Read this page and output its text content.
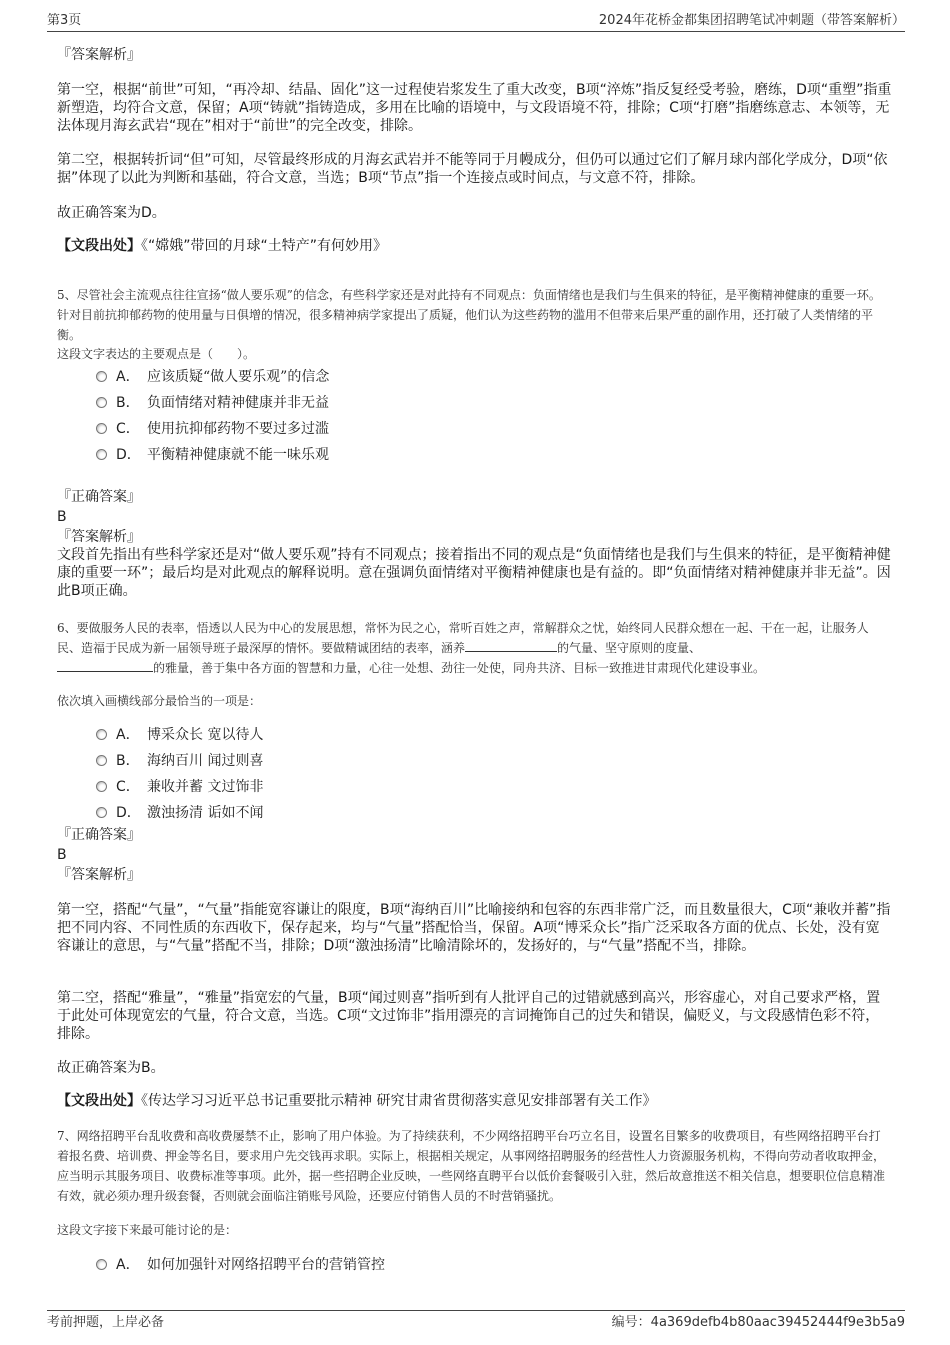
第3页	2024年花桥金都集团招聘笔试冲刺题（带答案解析）

『答案解析』

第一空，根据“前世”可知，“再冷却、结晶、固化”这一过程使岩浆发生了重大改变，B项“淬炼”指反复经受考验，磨练，D项“重塑”指重新塑造，均符合文意，保留；A项“铸就”指铸造成，多用在比喻的语境中，与文段语境不符，排除；C项“打磨”指磨练意志、本领等，无法体现月海玄武岩“现在”相对于“前世”的完全改变，排除。

第二空，根据转折词“但”可知，尽管最终形成的月海玄武岩并不能等同于月幔成分，但仍可以通过它们了解月球内部化学成分，D项“依据”体现了以此为判断和基础，符合文意，当选；B项“节点”指一个连接点或时间点，与文意不符，排除。

故正确答案为D。

【文段出处】《“嫦娥”带回的月球“土特产”有何妙用》

5、尽管社会主流观点往往宣扬“做人要乐观”的信念，有些科学家还是对此持有不同观点：负面情绪也是我们与生俱来的特征，是平衡精神健康的重要一环。针对目前抗抑郁药物的使用量与日俱增的情况，很多精神病学家提出了质疑，他们认为这些药物的滥用不但带来后果严重的副作用，还打破了人类情绪的平衡。

这段文字表达的主要观点是（　　）。

A． 应该质疑“做人要乐观”的信念
B． 负面情绪对精神健康并非无益
C． 使用抗抑郁药物不要过多过滥
D． 平衡精神健康就不能一味乐观

『正确答案』

B

『答案解析』

文段首先指出有些科学家还是对“做人要乐观”持有不同观点；接着指出不同的观点是“负面情绪也是我们与生俱来的特征，是平衡精神健康的重要一环”；最后均是对此观点的解释说明。意在强调负面情绪对平衡精神健康也是有益的。即“负面情绪对精神健康并非无益”。因此B项正确。

6、要做服务人民的表率，悟透以人民为中心的发展思想，常怀为民之心，常听百姓之声，常解群众之忧，始终同人民群众想在一起、干在一起，让服务人民、造福于民成为新一届领导班子最深厚的情怀。要做精诚团结的表率，涵养	的气量、坚守原则的度量、
的雅量，善于集中各方面的智慧和力量，心往一处想、劲往一处使，同舟共济、目标一致推进甘肃现代化建设事业。

依次填入画横线部分最恰当的一项是：

A． 博采众长 宽以待人
B． 海纳百川 闻过则喜
C． 兼收并蓄 文过饰非
D． 激浊扬清 诟如不闻

『正确答案』

B

『答案解析』

第一空，搭配“气量”，“气量”指能宽容谦让的限度，B项“海纳百川”比喻接纳和包容的东西非常广泛，而且数量很大，C项“兼收并蓄”指把不同内容、不同性质的东西收下，保存起来，均与“气量”搭配恰当，保留。A项“博采众长”指广泛采取各方面的优点、长处，没有宽容谦让的意思，与“气量”搭配不当，排除；D项“激浊扬清”比喻清除坏的，发扬好的，与“气量”搭配不当，排除。

第二空，搭配“雅量”，“雅量”指宽宏的气量，B项“闻过则喜”指听到有人批评自己的过错就感到高兴，形容虚心，对自己要求严格，置于此处可体现宽宏的气量，符合文意，当选。C项“文过饰非”指用漂亮的言词掩饰自己的过失和错误，偏贬义，与文段感情色彩不符，排除。

故正确答案为B。

【文段出处】《传达学习习近平总书记重要批示精神 研究甘肃省贯彻落实意见安排部署有关工作》

7、网络招聘平台乱收费和高收费屡禁不止，影响了用户体验。为了持续获利，不少网络招聘平台巧立名目，设置名目繁多的收费项目，有些网络招聘平台打着报名费、培训费、押金等名目，要求用户先交钱再求职。实际上，根据相关规定，从事网络招聘服务的经营性人力资源服务机构，不得向劳动者收取押金，应当明示其服务项目、收费标准等事项。此外，据一些招聘企业反映，一些网络直聘平台以低价套餐吸引入驻，然后故意推送不相关信息，想要职位信息精准有效，就必须办理升级套餐，否则就会面临注销账号风险，还要应付销售人员的不时营销骚扰。

这段文字接下来最可能讨论的是：

A． 如何加强针对网络招聘平台的营销管控
考前押题，上岸必备	编号：4a369defb4b80aac39452444f9e3b5a9
